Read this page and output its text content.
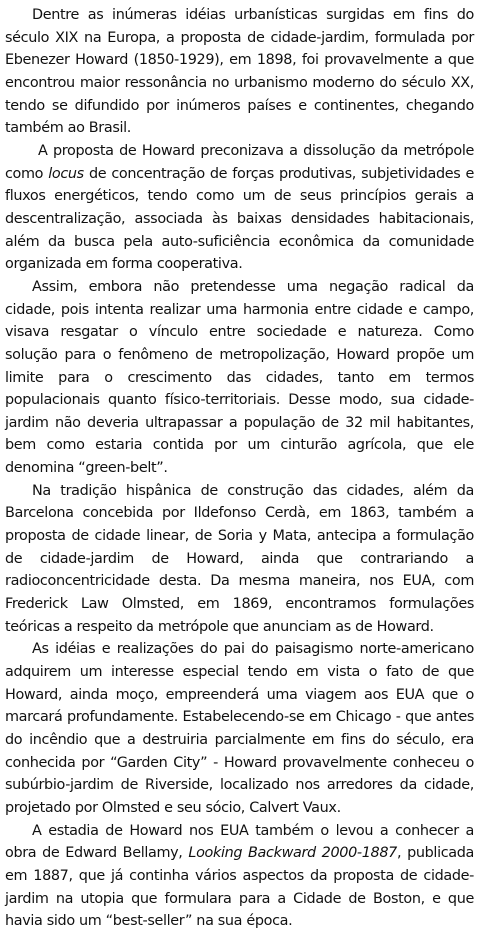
Dentre as inúmeras idéias urbanísticas surgidas em fins do século XIX na Europa, a proposta de cidade-jardim, formulada por Ebenezer Howard (1850-1929), em 1898, foi provavelmente a que encontrou maior ressonância no urbanismo moderno do século XX, tendo se difundido por inúmeros países e continentes, chegando também ao Brasil.

A proposta de Howard preconizava a dissolução da metrópole como locus de concentração de forças produtivas, subjetividades e fluxos energéticos, tendo como um de seus princípios gerais a descentralização, associada às baixas densidades habitacionais, além da busca pela auto-suficiência econômica da comunidade organizada em forma cooperativa.

Assim, embora não pretendesse uma negação radical da cidade, pois intenta realizar uma harmonia entre cidade e campo, visava resgatar o vínculo entre sociedade e natureza. Como solução para o fenômeno de metropolização, Howard propõe um limite para o crescimento das cidades, tanto em termos populacionais quanto físico-territoriais. Desse modo, sua cidade-jardim não deveria ultrapassar a população de 32 mil habitantes, bem como estaria contida por um cinturão agrícola, que ele denomina “green-belt”.

Na tradição hispânica de construção das cidades, além da Barcelona concebida por Ildefonso Cerdà, em 1863, também a proposta de cidade linear, de Soria y Mata, antecipa a formulação de cidade-jardim de Howard, ainda que contrariando a radioconcentricidade desta. Da mesma maneira, nos EUA, com Frederick Law Olmsted, em 1869, encontramos formulações teóricas a respeito da metrópole que anunciam as de Howard.

As idéias e realizações do pai do paisagismo norte-americano adquirem um interesse especial tendo em vista o fato de que Howard, ainda moço, empreenderá uma viagem aos EUA que o marcará profundamente. Estabelecendo-se em Chicago - que antes do incêndio que a destruiria parcialmente em fins do século, era conhecida por “Garden City” - Howard provavelmente conheceu o subúrbio-jardim de Riverside, localizado nos arredores da cidade, projetado por Olmsted e seu sócio, Calvert Vaux.

A estadia de Howard nos EUA também o levou a conhecer a obra de Edward Bellamy, Looking Backward 2000-1887, publicada em 1887, que já continha vários aspectos da proposta de cidade-jardim na utopia que formulara para a Cidade de Boston, e que havia sido um “best-seller” na sua época.
